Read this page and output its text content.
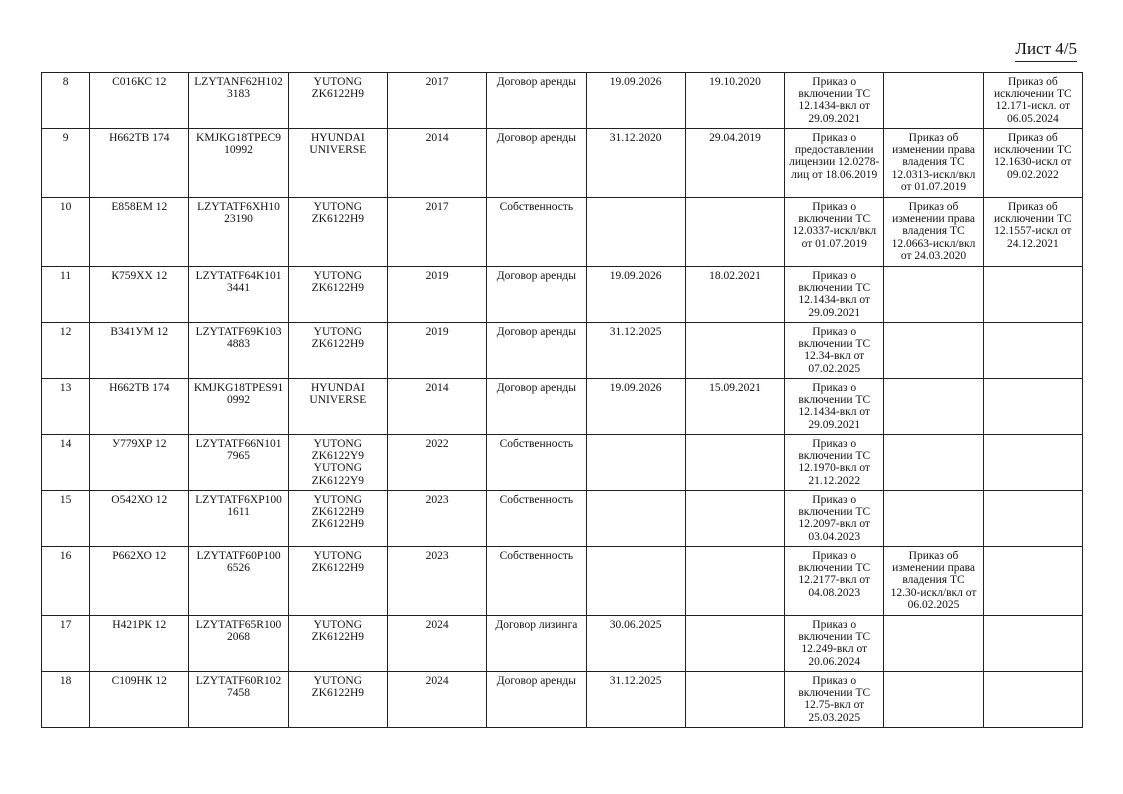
Лист 4/5
8	С016КС 12	LZYTANF62H102 3183	YUTONG ZK6122H9	2017	Договор аренды	19.09.2026	19.10.2020	Приказ о включении ТС 12.1434-вкл от 29.09.2021		Приказ об исключении ТС 12.171-искл. от 06.05.2024
9	Н662ТВ 174	KMJKG18TPEC9 10992	HYUNDAI UNIVERSE	2014	Договор аренды	31.12.2020	29.04.2019	Приказ о предоставлении лицензии 12.0278-лиц от 18.06.2019	Приказ об изменении права владения ТС 12.0313-искл/вкл от 01.07.2019	Приказ об исключении ТС 12.1630-искл от 09.02.2022
10	Е858ЕМ 12	LZYTATF6XH10 23190	YUTONG ZK6122H9	2017	Собственность			Приказ о включении ТС 12.0337-искл/вкл от 01.07.2019	Приказ об изменении права владения ТС 12.0663-искл/вкл от 24.03.2020	Приказ об исключении ТС 12.1557-искл от 24.12.2021
11	К759ХХ 12	LZYTATF64K101 3441	YUTONG ZK6122H9	2019	Договор аренды	19.09.2026	18.02.2021	Приказ о включении ТС 12.1434-вкл от 29.09.2021		
12	В341УМ 12	LZYTATF69K103 4883	YUTONG ZK6122H9	2019	Договор аренды	31.12.2025		Приказ о включении ТС 12.34-вкл от 07.02.2025		
13	Н662ТВ 174	KMJKG18TPES91 0992	HYUNDAI UNIVERSE	2014	Договор аренды	19.09.2026	15.09.2021	Приказ о включении ТС 12.1434-вкл от 29.09.2021		
14	У779ХР 12	LZYTATF66N101 7965	YUTONG ZK6122Y9 YUTONG ZK6122Y9	2022	Собственность			Приказ о включении ТС 12.1970-вкл от 21.12.2022		
15	О542ХО 12	LZYTATF6XP100 1611	YUTONG ZK6122H9 ZK6122H9	2023	Собственность			Приказ о включении ТС 12.2097-вкл от 03.04.2023		
16	Р662ХО 12	LZYTATF60P100 6526	YUTONG ZK6122H9	2023	Собственность			Приказ о включении ТС 12.2177-вкл от 04.08.2023	Приказ об изменении права владения ТС 12.30-искл/вкл от 06.02.2025	
17	Н421РК 12	LZYTATF65R100 2068	YUTONG ZK6122H9	2024	Договор лизинга	30.06.2025		Приказ о включении ТС 12.249-вкл от 20.06.2024		
18	С109НК 12	LZYTATF60R102 7458	YUTONG ZK6122H9	2024	Договор аренды	31.12.2025		Приказ о включении ТС 12.75-вкл от 25.03.2025		
